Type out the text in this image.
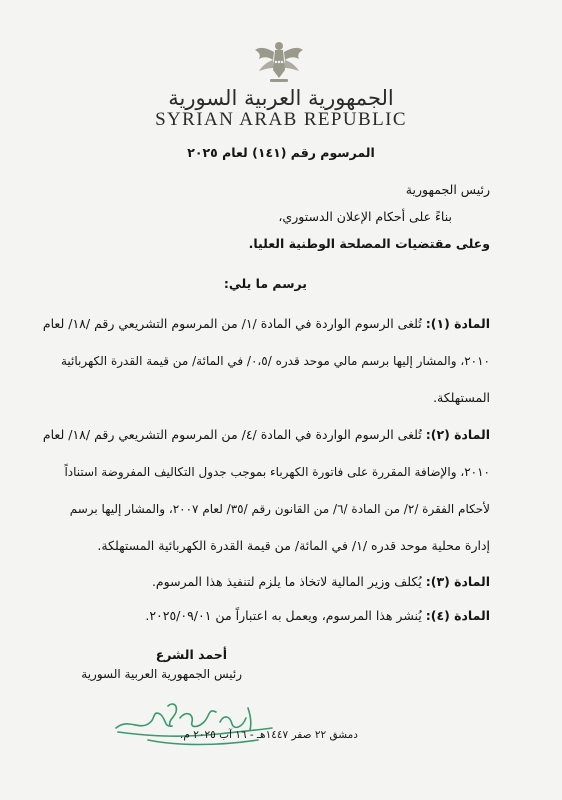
الجمهورية العربية السورية
SYRIAN ARAB REPUBLIC
المرسوم رقم (١٤١) لعام ٢٠٢٥
رئيس الجمهورية
بناءً على أحكام الإعلان الدستوري،
وعلى مقتضيات المصلحة الوطنية العليا.
يرسم ما يلي:
المادة (١): تُلغى الرسوم الواردة في المادة /١/ من المرسوم التشريعي رقم /١٨/ لعام
٢٠١٠، والمشار إليها برسم مالي موحد قدره /٠،٥/ في المائة/ من قيمة القدرة الكهربائية
المستهلكة.
المادة (٢): تُلغى الرسوم الواردة في المادة /٤/ من المرسوم التشريعي رقم /١٨/ لعام
٢٠١٠، والإضافة المقررة على فاتورة الكهرباء بموجب جدول التكاليف المفروضة استناداً
لأحكام الفقرة /٢/ من المادة /٦/ من القانون رقم /٣٥/ لعام ٢٠٠٧، والمشار إليها برسم
إدارة محلية موحد قدره /١/ في المائة/ من قيمة القدرة الكهربائية المستهلكة.
المادة (٣): يُكلف وزير المالية لاتخاذ ما يلزم لتنفيذ هذا المرسوم.
المادة (٤): يُنشر هذا المرسوم، ويعمل به اعتباراً من ٢٠٢٥/٠٩/٠١.
أحمد الشرع
رئيس الجمهورية العربية السورية
دمشق ٢٢ صفر ١٤٤٧هـ - ١٦ آب ٢٠٢٥ م.
